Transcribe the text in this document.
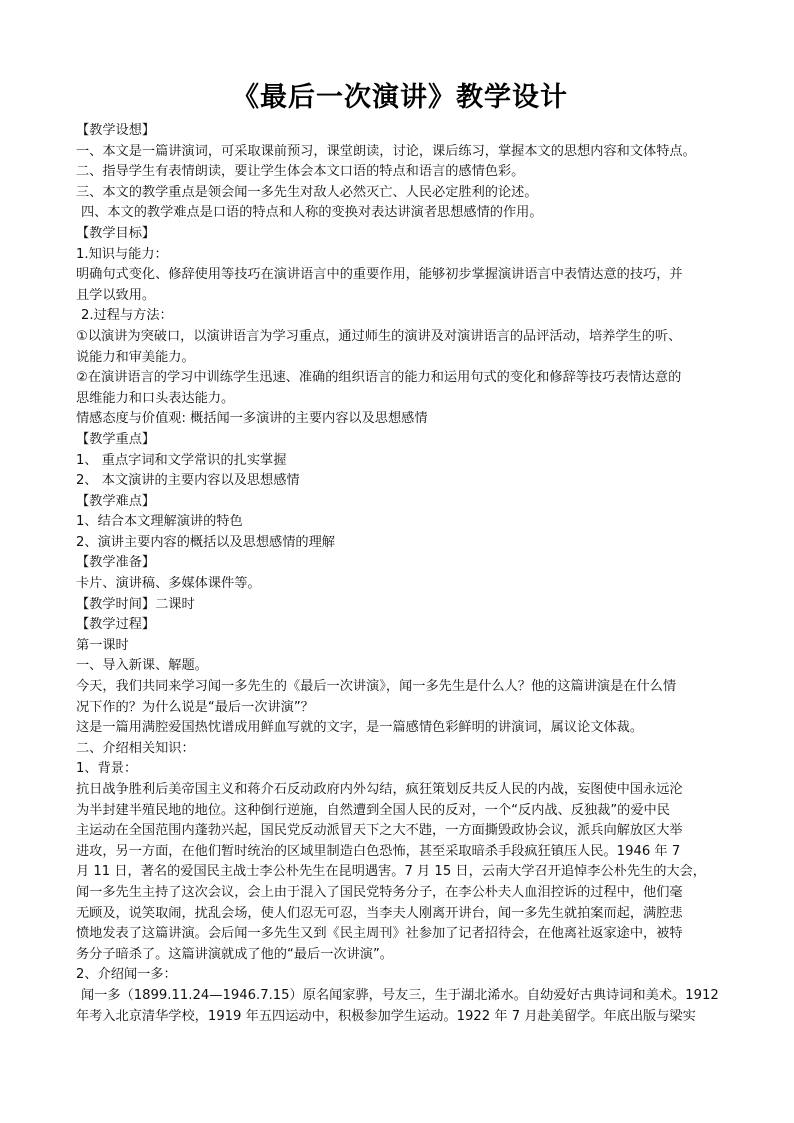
《最后一次演讲》教学设计
【教学设想】
一、本文是一篇讲演词，可采取课前预习，课堂朗读，讨论，课后练习，掌握本文的思想内容和文体特点。
二、指导学生有表情朗读，要让学生体会本文口语的特点和语言的感情色彩。
三、本文的教学重点是领会闻一多先生对敌人必然灭亡、人民必定胜利的论述。
四、本文的教学难点是口语的特点和人称的变换对表达讲演者思想感情的作用。
【教学目标】
1.知识与能力：
明确句式变化、修辞使用等技巧在演讲语言中的重要作用，能够初步掌握演讲语言中表情达意的技巧，并
且学以致用。
2.过程与方法：
①以演讲为突破口，以演讲语言为学习重点，通过师生的演讲及对演讲语言的品评活动，培养学生的听、
说能力和审美能力。
②在演讲语言的学习中训练学生迅速、准确的组织语言的能力和运用句式的变化和修辞等技巧表情达意的
思维能力和口头表达能力。
情感态度与价值观: 概括闻一多演讲的主要内容以及思想感情
【教学重点】
1、 重点字词和文学常识的扎实掌握
2、 本文演讲的主要内容以及思想感情
【教学难点】
1、结合本文理解演讲的特色
2、演讲主要内容的概括以及思想感情的理解
【教学准备】
卡片、演讲稿、多媒体课件等。
【教学时间】二课时
【教学过程】
第一课时
一、导入新课、解题。
今天，我们共同来学习闻一多先生的《最后一次讲演》，闻一多先生是什么人？他的这篇讲演是在什么情
况下作的？为什么说是“最后一次讲演”？
这是一篇用满腔爱国热忱谱成用鲜血写就的文字，是一篇感情色彩鲜明的讲演词，属议论文体裁。
二、介绍相关知识：
1、背景：
抗日战争胜利后美帝国主义和蒋介石反动政府内外勾结，疯狂策划反共反人民的内战，妄图使中国永远沦
为半封建半殖民地的地位。这种倒行逆施，自然遭到全国人民的反对，一个“反内战、反独裁”的爱中民
主运动在全国范围内蓬勃兴起，国民党反动派冒天下之大不韪，一方面撕毁政协会议，派兵向解放区大举
进攻，另一方面，在他们暂时统治的区域里制造白色恐怖，甚至采取暗杀手段疯狂镇压人民。1946 年 7
月 11 日，著名的爱国民主战士李公朴先生在昆明遇害。7 月 15 日，云南大学召开追悼李公朴先生的大会，
闻一多先生主持了这次会议，会上由于混入了国民党特务分子，在李公朴夫人血泪控诉的过程中，他们毫
无顾及，说笑取闹，扰乱会场，使人们忍无可忍，当李夫人刚离开讲台，闻一多先生就拍案而起，满腔悲
愤地发表了这篇讲演。会后闻一多先生又到《民主周刊》社参加了记者招待会，在他离社返家途中，被特
务分子暗杀了。这篇讲演就成了他的“最后一次讲演”。
2、介绍闻一多：
闻一多（1899.11.24—1946.7.15）原名闻家骅，号友三，生于湖北浠水。自幼爱好古典诗词和美术。1912
年考入北京清华学校，1919 年五四运动中，积极参加学生运动。1922 年 7 月赴美留学。年底出版与梁实
